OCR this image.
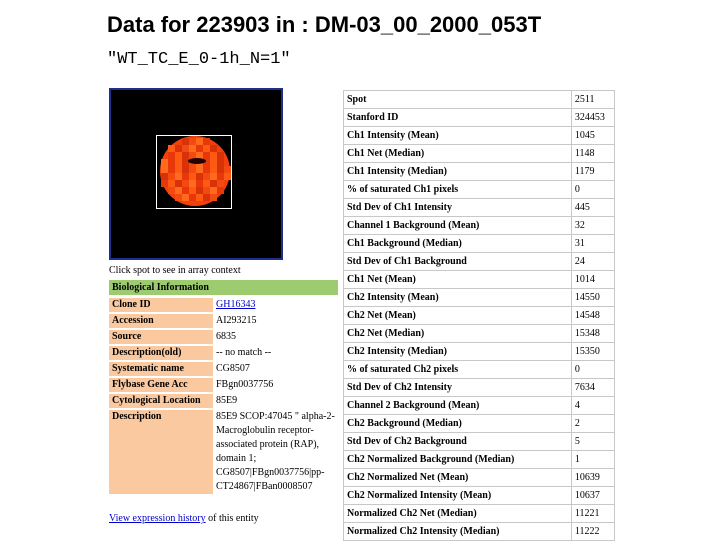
Data for 223903 in : DM-03_00_2000_053T
"WT_TC_E_0-1h_N=1"
Click spot to see in array context
Biological Information
Clone ID	GH16343
Accession	AI293215
Source	6835
Description(old)	-- no match --
Systematic name	CG8507
Flybase Gene Acc	FBgn0037756
Cytological Location	85E9
Description	85E9 SCOP:47045 " alpha-2-Macroglobulin receptor-associated protein (RAP), domain 1; CG8507|FBgn0037756|pp-CT24867|FBan0008507
View expression history of this entity
Spot	2511
Stanford ID	324453
Ch1 Intensity (Mean)	1045
Ch1 Net (Median)	1148
Ch1 Intensity (Median)	1179
% of saturated Ch1 pixels	0
Std Dev of Ch1 Intensity	445
Channel 1 Background (Mean)	32
Ch1 Background (Median)	31
Std Dev of Ch1 Background	24
Ch1 Net (Mean)	1014
Ch2 Intensity (Mean)	14550
Ch2 Net (Mean)	14548
Ch2 Net (Median)	15348
Ch2 Intensity (Median)	15350
% of saturated Ch2 pixels	0
Std Dev of Ch2 Intensity	7634
Channel 2 Background (Mean)	4
Ch2 Background (Median)	2
Std Dev of Ch2 Background	5
Ch2 Normalized Background (Median)	1
Ch2 Normalized Net (Mean)	10639
Ch2 Normalized Intensity (Mean)	10637
Normalized Ch2 Net (Median)	11221
Normalized Ch2 Intensity (Median)	11222
